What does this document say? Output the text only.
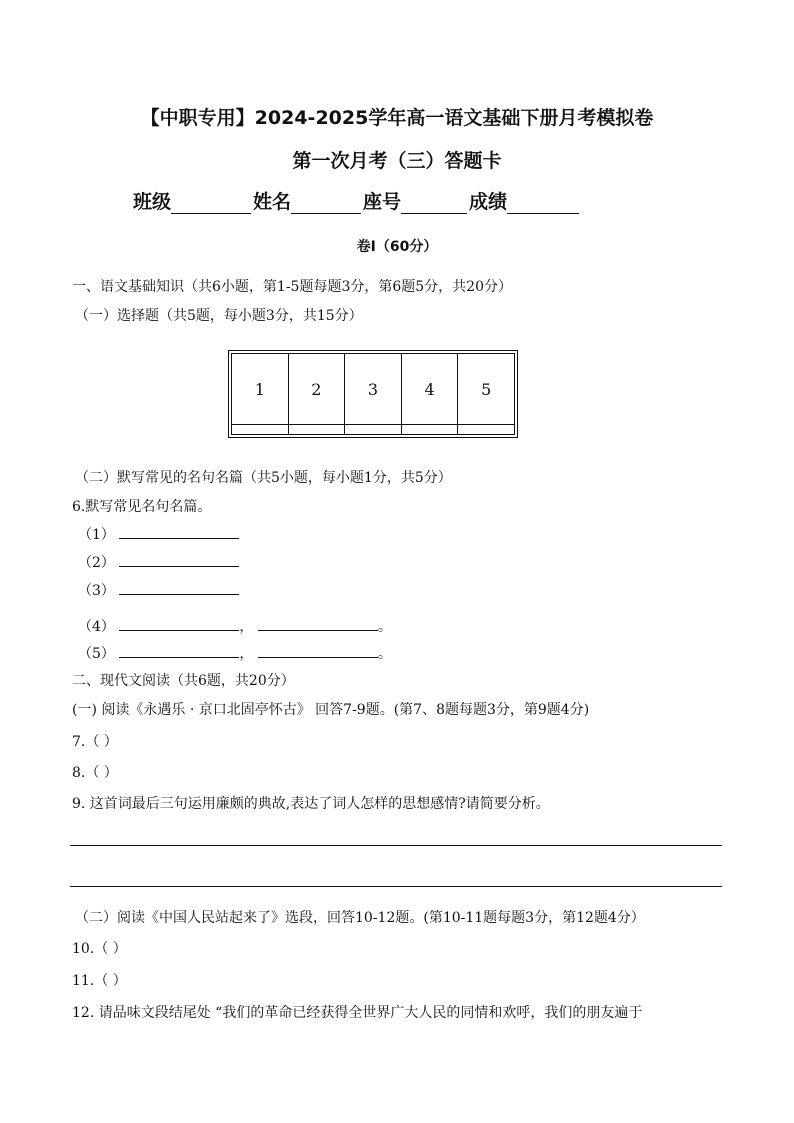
【中职专用】2024-2025学年高一语文基础下册月考模拟卷
第一次月考（三）答题卡
班级	姓名	座号	成绩
卷Ⅰ（60分）
一、语文基础知识（共6小题，第1-5题每题3分，第6题5分，共20分）
（一）选择题（共5题，每小题3分，共15分）
1	2	3	4	5

（二）默写常见的名句名篇（共5小题，每小题1分，共5分）
6.默写常见名句名篇。
（1）
（2）
（3）
（4）	，	。
（5）	，	。
二、现代文阅读（共6题，共20分）
(一) 阅读《永遇乐 · 京口北固亭怀古》 回答7-9题。(第7、8题每题3分，第9题4分)
7.（ ）
8.（ ）
9. 这首词最后三句运用廉颇的典故,表达了词人怎样的思想感情?请简要分析。
（二）阅读《中国人民站起来了》选段，回答10-12题。(第10-11题每题3分，第12题4分）
10.（ ）
11.（ ）
12. 请品味文段结尾处 “我们的革命已经获得全世界广大人民的同情和欢呼，我们的朋友遍于
